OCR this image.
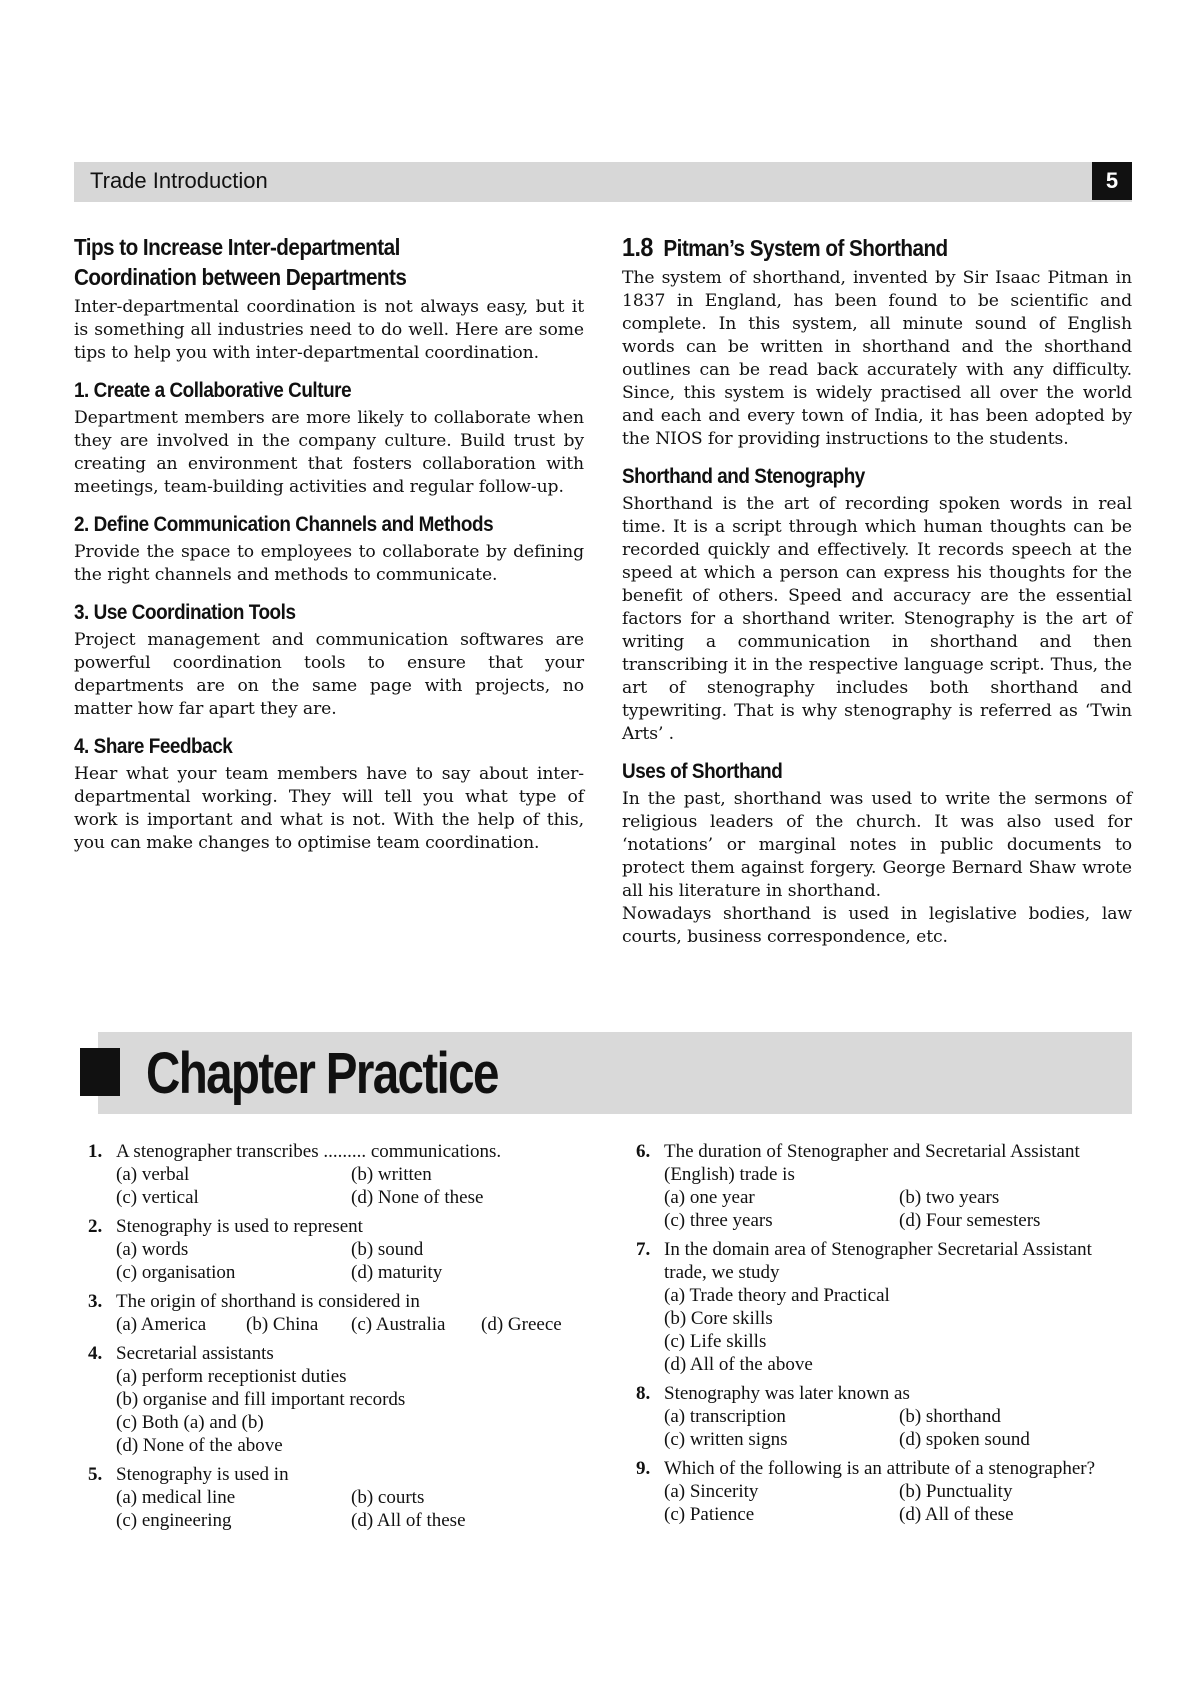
Trade Introduction	5
Tips to Increase Inter-departmental
Coordination between Departments

Inter-departmental coordination is not always easy, but it is something all industries need to do well. Here are some tips to help you with inter-departmental coordination.

1. Create a Collaborative Culture

Department members are more likely to collaborate when they are involved in the company culture. Build trust by creating an environment that fosters collaboration with meetings, team-building activities and regular follow-up.

2. Define Communication Channels and Methods

Provide the space to employees to collaborate by defining the right channels and methods to communicate.

3. Use Coordination Tools

Project management and communication softwares are powerful coordination tools to ensure that your departments are on the same page with projects, no matter how far apart they are.

4. Share Feedback

Hear what your team members have to say about inter-departmental working. They will tell you what type of work is important and what is not. With the help of this, you can make changes to optimise team coordination.

1.8 Pitman’s System of Shorthand

The system of shorthand, invented by Sir Isaac Pitman in 1837 in England, has been found to be scientific and complete. In this system, all minute sound of English words can be written in shorthand and the shorthand outlines can be read back accurately with any difficulty. Since, this system is widely practised all over the world and each and every town of India, it has been adopted by the NIOS for providing instructions to the students.

Shorthand and Stenography

Shorthand is the art of recording spoken words in real time. It is a script through which human thoughts can be recorded quickly and effectively. It records speech at the speed at which a person can express his thoughts for the benefit of others. Speed and accuracy are the essential factors for a shorthand writer. Stenography is the art of writing a communication in shorthand and then transcribing it in the respective language script. Thus, the art of stenography includes both shorthand and typewriting. That is why stenography is referred as ‘Twin Arts’ .

Uses of Shorthand

In the past, shorthand was used to write the sermons of religious leaders of the church. It was also used for ‘notations’ or marginal notes in public documents to protect them against forgery. George Bernard Shaw wrote all his literature in shorthand.

Nowadays shorthand is used in legislative bodies, law courts, business correspondence, etc.

Chapter Practice
1. A stenographer transcribes ......... communications.
(a) verbal	(b) written
(c) vertical	(d) None of these
2. Stenography is used to represent
(a) words	(b) sound
(c) organisation	(d) maturity
3. The origin of shorthand is considered in
(a) America	(b) China	(c) Australia	(d) Greece
4. Secretarial assistants
(a) perform receptionist duties
(b) organise and fill important records
(c) Both (a) and (b)
(d) None of the above
5. Stenography is used in
(a) medical line	(b) courts
(c) engineering	(d) All of these
6. The duration of Stenographer and Secretarial Assistant (English) trade is
(a) one year	(b) two years
(c) three years	(d) Four semesters
7. In the domain area of Stenographer Secretarial Assistant trade, we study
(a) Trade theory and Practical
(b) Core skills
(c) Life skills
(d) All of the above
8. Stenography was later known as
(a) transcription	(b) shorthand
(c) written signs	(d) spoken sound
9. Which of the following is an attribute of a stenographer?
(a) Sincerity	(b) Punctuality
(c) Patience	(d) All of these
